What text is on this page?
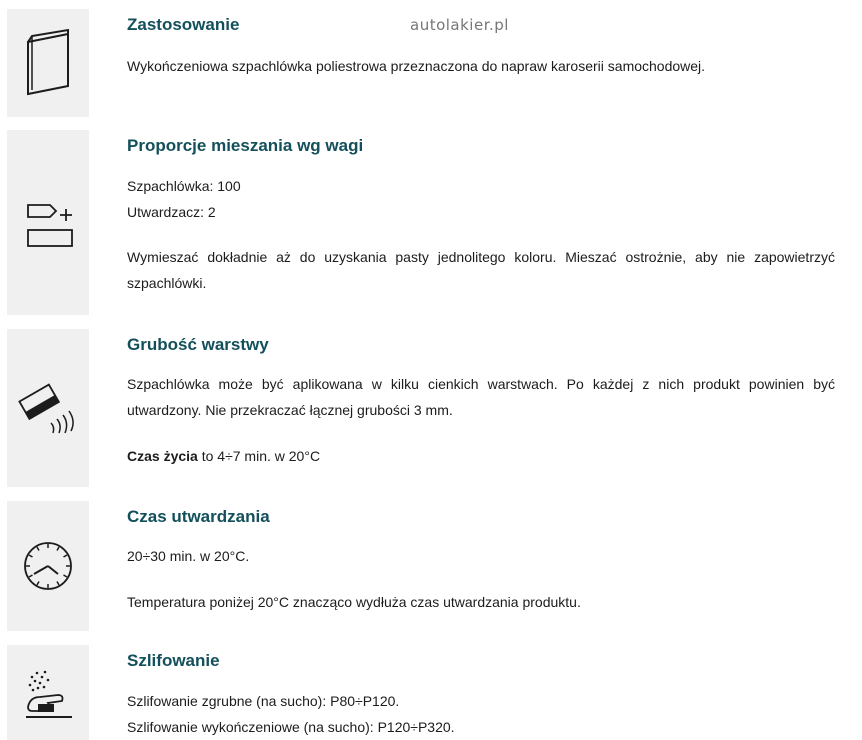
autolakier.pl
Zastosowanie

Wykończeniowa szpachlówka poliestrowa przeznaczona do napraw karoserii samochodowej.

Proporcje mieszania wg wagi

Szpachlówka: 100

Utwardzacz: 2

Wymieszać dokładnie aż do uzyskania pasty jednolitego koloru. Mieszać ostrożnie, aby nie zapowietrzyć szpachlówki.

Grubość warstwy

Szpachlówka może być aplikowana w kilku cienkich warstwach. Po każdej z nich produkt powinien być utwardzony. Nie przekraczać łącznej grubości 3 mm.

Czas życia to 4÷7 min. w 20°C

Czas utwardzania

20÷30 min. w 20°C.

Temperatura poniżej 20°C znacząco wydłuża czas utwardzania produktu.

Szlifowanie

Szlifowanie zgrubne (na sucho): P80÷P120.

Szlifowanie wykończeniowe (na sucho): P120÷P320.
